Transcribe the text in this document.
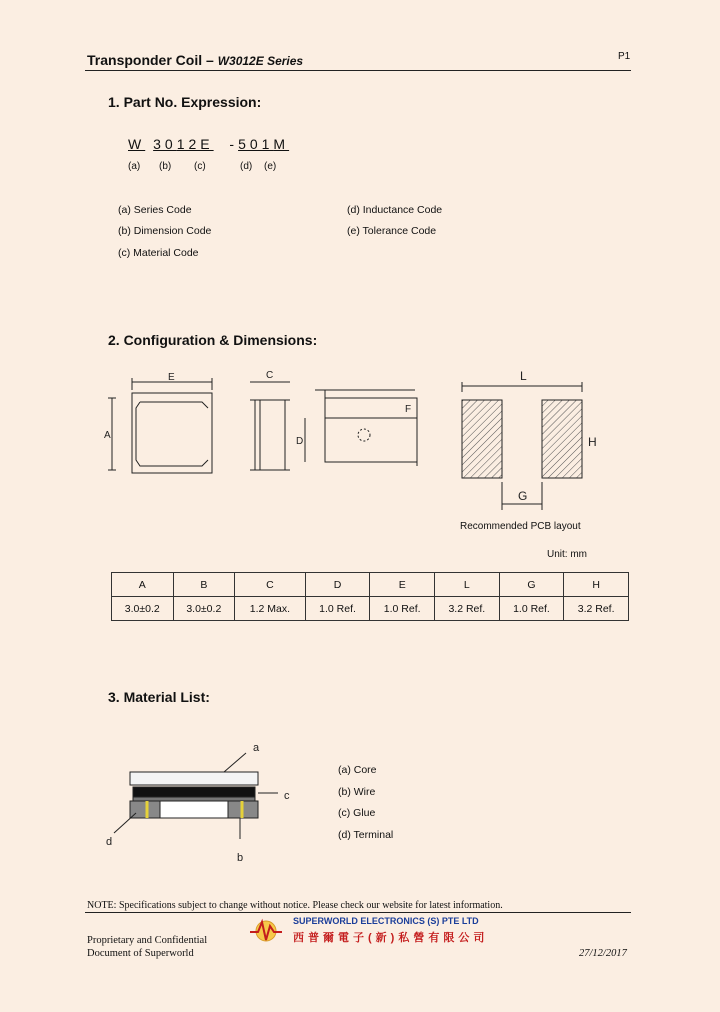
Transponder Coil – W3012E Series	P1
1. Part No. Expression:
W 3012E -501M
(a) (b) (c)	(d) (e)
(a) Series Code
(b) Dimension Code
(c) Material Code
(d) Inductance Code
(e) Tolerance Code
2. Configuration & Dimensions:
E
A
C
D
F
L
H
G
Recommended PCB layout
Unit: mm
A	B	C	D	E	L	G	H
3.0±0.2	3.0±0.2	1.2 Max.	1.0 Ref.	1.0 Ref.	3.2 Ref.	1.0 Ref.	3.2 Ref.
3. Material List:
a
c
d
b
(a) Core
(b) Wire
(c) Glue
(d) Terminal
NOTE: Specifications subject to change without notice. Please check our website for latest information.
SUPERWORLD ELECTRONICS (S) PTE LTD
西普爾電子(新)私營有限公司
Proprietary and Confidential
Document of Superworld	27/12/2017
